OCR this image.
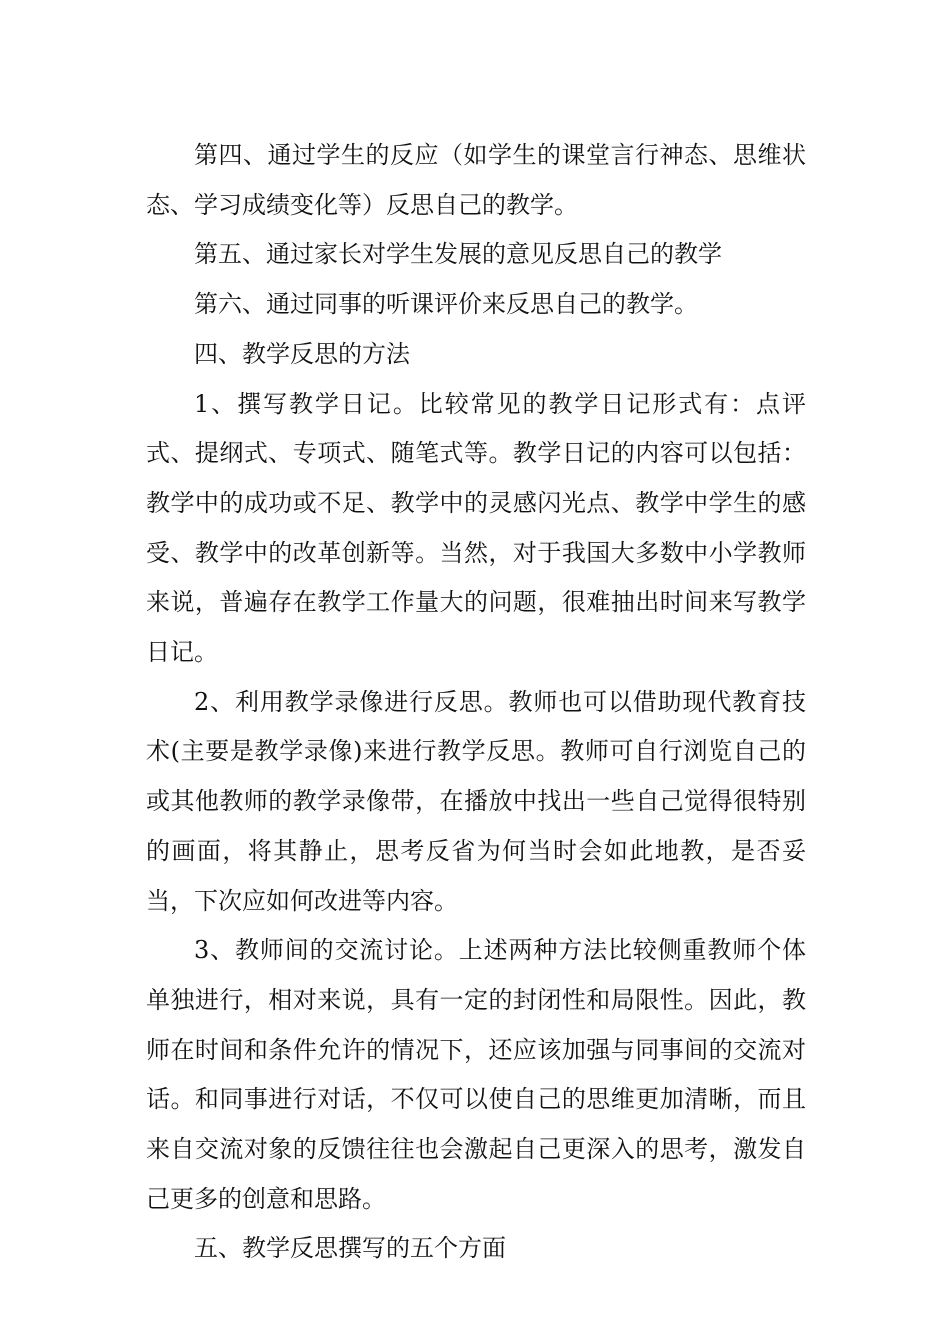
第四、通过学生的反应（如学生的课堂言行神态、思维状态、学习成绩变化等）反思自己的教学。

第五、通过家长对学生发展的意见反思自己的教学

第六、通过同事的听课评价来反思自己的教学。

四、教学反思的方法

1、撰写教学日记。比较常见的教学日记形式有：点评式、提纲式、专项式、随笔式等。教学日记的内容可以包括：教学中的成功或不足、教学中的灵感闪光点、教学中学生的感受、教学中的改革创新等。当然，对于我国大多数中小学教师来说，普遍存在教学工作量大的问题，很难抽出时间来写教学日记。

2、利用教学录像进行反思。教师也可以借助现代教育技术(主要是教学录像)来进行教学反思。教师可自行浏览自己的或其他教师的教学录像带，在播放中找出一些自己觉得很特别的画面，将其静止，思考反省为何当时会如此地教，是否妥当，下次应如何改进等内容。

3、教师间的交流讨论。上述两种方法比较侧重教师个体单独进行，相对来说，具有一定的封闭性和局限性。因此，教师在时间和条件允许的情况下，还应该加强与同事间的交流对话。和同事进行对话，不仅可以使自己的思维更加清晰，而且来自交流对象的反馈往往也会激起自己更深入的思考，激发自己更多的创意和思路。

五、教学反思撰写的五个方面
